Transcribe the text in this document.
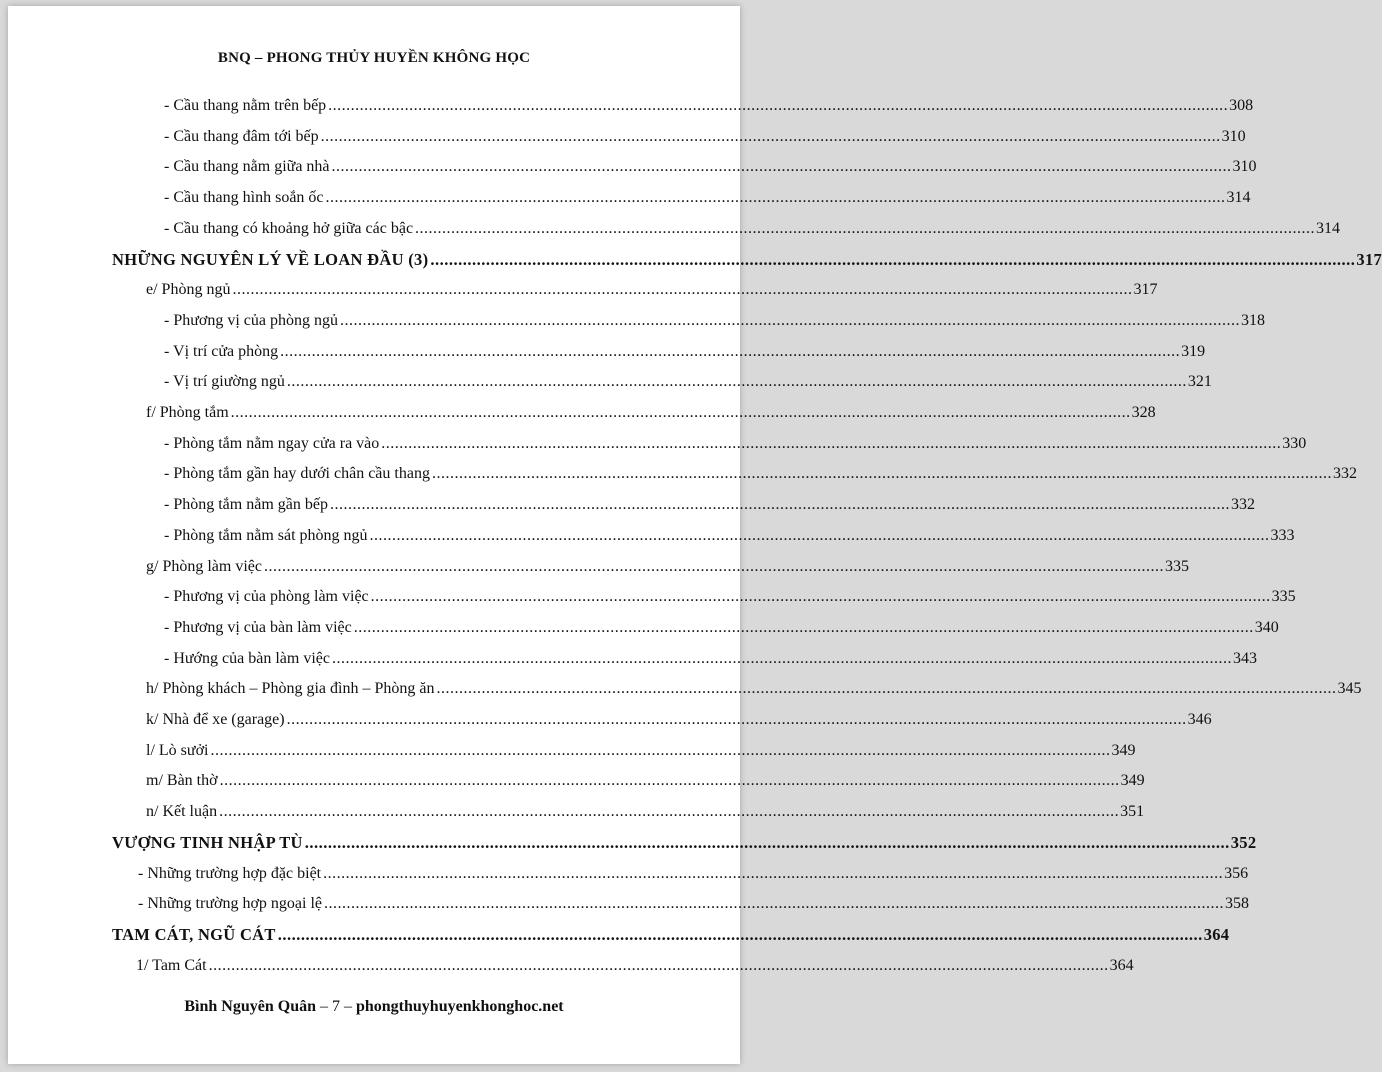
BNQ – PHONG THỦY HUYỀN KHÔNG HỌC
- Cầu thang nằm trên bếp ........................................................................................................................................................................................................ 308
- Cầu thang đâm tới bếp ........................................................................................................................................................................................................ 310
- Cầu thang nằm giữa nhà ........................................................................................................................................................................................................ 310
- Cầu thang hình soắn ốc ........................................................................................................................................................................................................ 314
- Cầu thang có khoảng hở giữa các bậc ........................................................................................................................................................................................................ 314
NHỮNG NGUYÊN LÝ VỀ LOAN ĐẦU (3) ........................................................................................................................................................................................................ 317
e/ Phòng ngủ ........................................................................................................................................................................................................ 317
- Phương vị của phòng ngủ ........................................................................................................................................................................................................ 318
- Vị trí cửa phòng ........................................................................................................................................................................................................ 319
- Vị trí giường ngủ ........................................................................................................................................................................................................ 321
f/ Phòng tắm ........................................................................................................................................................................................................ 328
- Phòng tắm nằm ngay cửa ra vào ........................................................................................................................................................................................................ 330
- Phòng tắm gần hay dưới chân cầu thang ........................................................................................................................................................................................................ 332
- Phòng tắm nằm gần bếp ........................................................................................................................................................................................................ 332
- Phòng tắm nằm sát phòng ngủ ........................................................................................................................................................................................................ 333
g/ Phòng làm việc ........................................................................................................................................................................................................ 335
- Phương vị của phòng làm việc ........................................................................................................................................................................................................ 335
- Phương vị của bàn làm việc ........................................................................................................................................................................................................ 340
- Hướng của bàn làm việc ........................................................................................................................................................................................................ 343
h/ Phòng khách – Phòng gia đình – Phòng ăn ........................................................................................................................................................................................................ 345
k/ Nhà để xe (garage) ........................................................................................................................................................................................................ 346
l/ Lò sưởi ........................................................................................................................................................................................................ 349
m/ Bàn thờ ........................................................................................................................................................................................................ 349
n/ Kết luận ........................................................................................................................................................................................................ 351
VƯỢNG TINH NHẬP TÙ ........................................................................................................................................................................................................ 352
- Những trường hợp đặc biệt ........................................................................................................................................................................................................ 356
- Những trường hợp ngoại lệ ........................................................................................................................................................................................................ 358
TAM CÁT, NGŨ CÁT ........................................................................................................................................................................................................ 364
1/ Tam Cát ........................................................................................................................................................................................................ 364
Bình Nguyên Quân – 7 – phongthuyhuyenkhonghoc.net
